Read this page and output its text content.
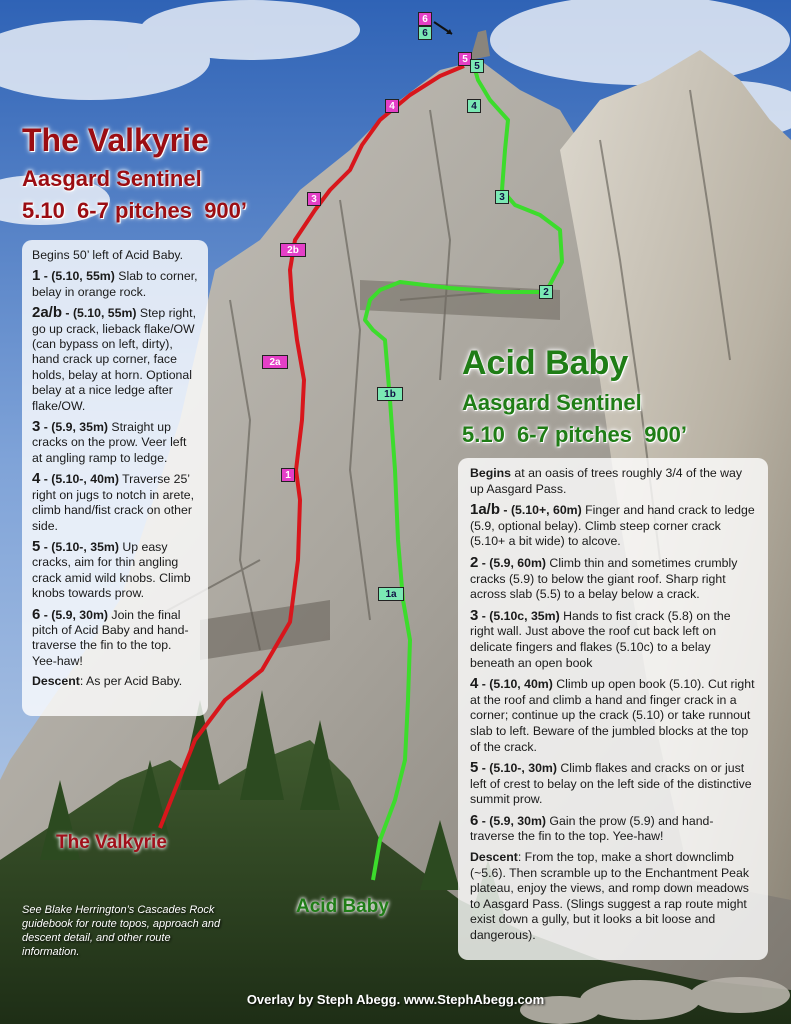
The Valkyrie
Aasgard Sentinel
5.10  6-7 pitches  900’

Begins 50’ left of Acid Baby.

1 - (5.10, 55m) Slab to corner, belay in orange rock.

2a/b - (5.10, 55m) Step right, go up crack, lieback flake/OW (can bypass on left, dirty), hand crack up corner, face holds, belay at horn. Optional belay at a nice ledge after flake/OW.

3 - (5.9, 35m) Straight up cracks on the prow. Veer left at angling ramp to ledge.

4 - (5.10-, 40m) Traverse 25’ right on jugs to notch in arete, climb hand/fist crack on other side.

5 - (5.10-, 35m) Up easy cracks, aim for thin angling crack amid wild knobs. Climb knobs towards prow.

6 - (5.9, 30m) Join the final pitch of Acid Baby and hand-traverse the fin to the top. Yee-haw!

Descent: As per Acid Baby.

Acid Baby
Aasgard Sentinel
5.10  6-7 pitches  900’

Begins at an oasis of trees roughly 3/4 of the way up Aasgard Pass.

1a/b - (5.10+, 60m) Finger and hand crack to ledge (5.9, optional belay). Climb steep corner crack (5.10+ a bit wide) to alcove.

2 - (5.9, 60m) Climb thin and sometimes crumbly cracks (5.9) to below the giant roof. Sharp right across slab (5.5) to a belay below a crack.

3 - (5.10c, 35m) Hands to fist crack (5.8) on the right wall. Just above the roof cut back left on delicate fingers and flakes (5.10c) to a belay beneath an open book

4 - (5.10, 40m) Climb up open book (5.10). Cut right at the roof and climb a hand and finger crack in a corner; continue up the crack (5.10) or take runnout slab to left. Beware of the jumbled blocks at the top of the crack.

5 - (5.10-, 30m) Climb flakes and cracks on or just left of crest to belay on the left side of the distinctive summit prow.

6 - (5.9, 30m) Gain the prow (5.9) and hand-traverse the fin to the top. Yee-haw!

Descent: From the top, make a short downclimb (~5.6). Then scramble up to the Enchantment Peak plateau, enjoy the views, and romp down meadows to Aasgard Pass. (Slings suggest a rap route might exist down a gully, but it looks a bit loose and dangerous).

6
5
4
3
2b
2a
1
6
5
4
3
2
1b
1a
The Valkyrie
Acid Baby
See Blake Herrington’s Cascades Rock guidebook for route topos, approach and descent detail, and other route information.
Overlay by Steph Abegg. www.StephAbegg.com
